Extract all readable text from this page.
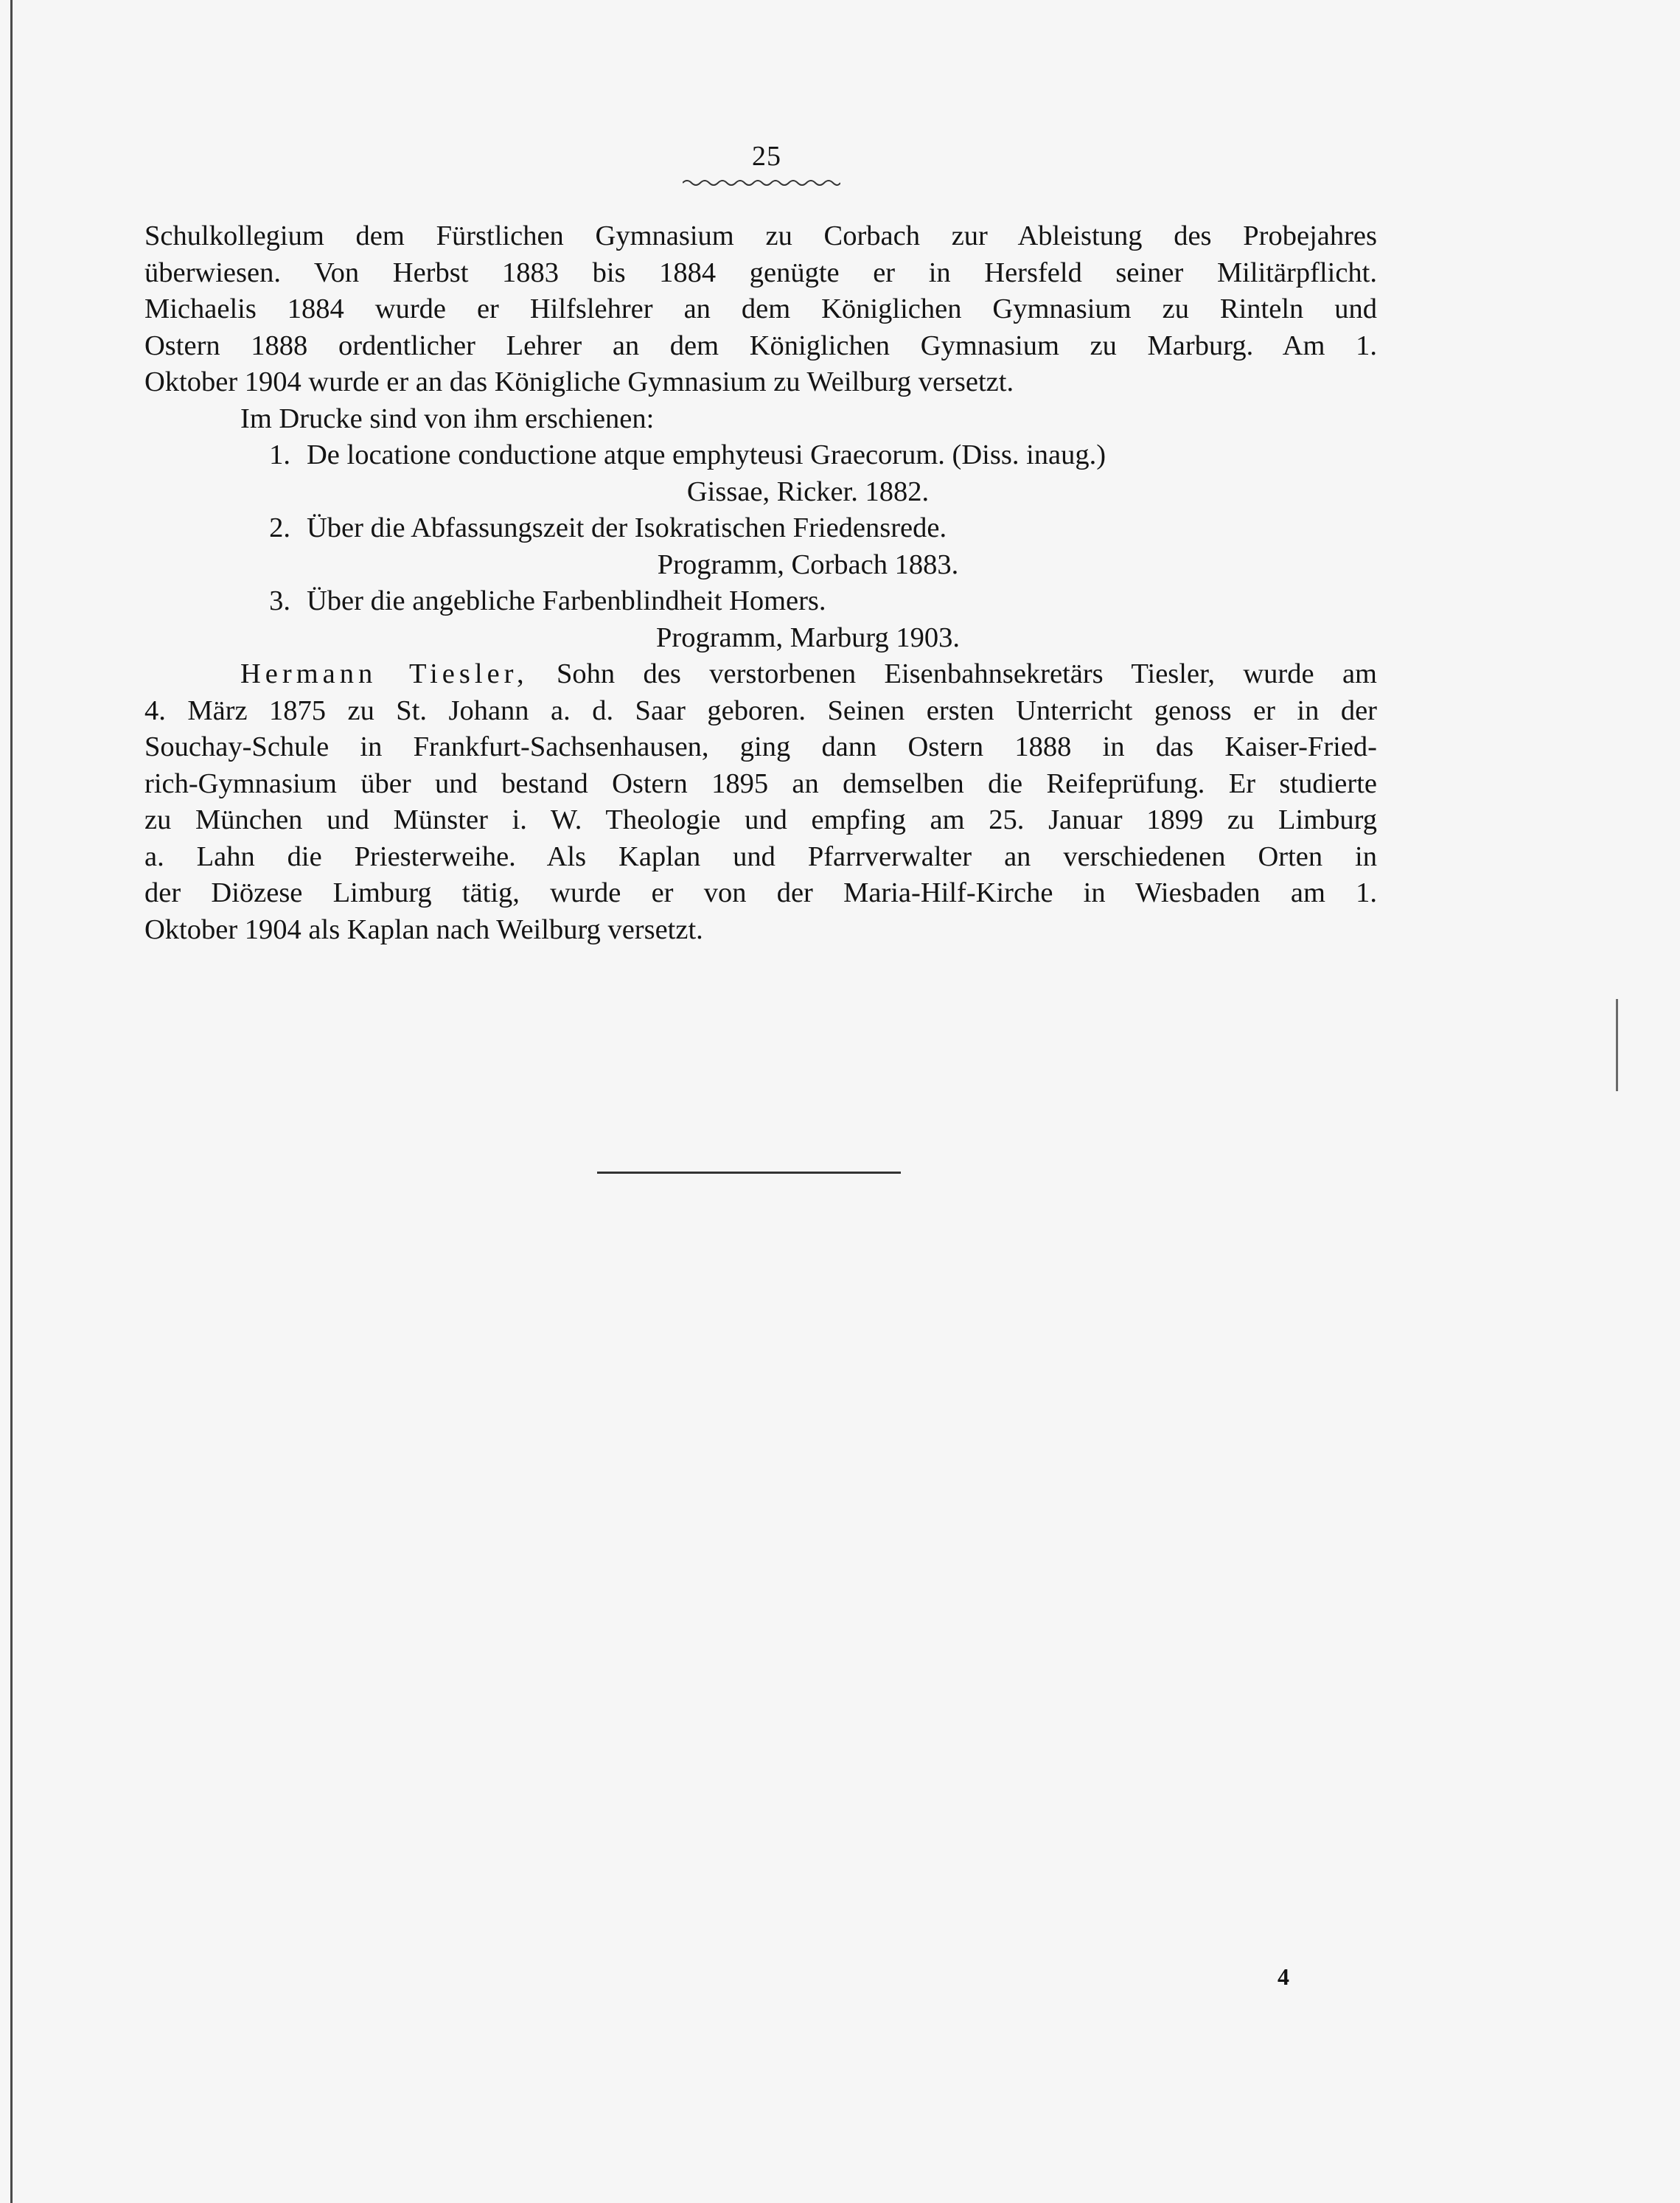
25
Schulkollegium dem Fürstlichen Gymnasium zu Corbach zur Ableistung des Probejahres
überwiesen. Von Herbst 1883 bis 1884 genügte er in Hersfeld seiner Militärpflicht.
Michaelis 1884 wurde er Hilfslehrer an dem Königlichen Gymnasium zu Rinteln und
Ostern 1888 ordentlicher Lehrer an dem Königlichen Gymnasium zu Marburg. Am 1.
Oktober 1904 wurde er an das Königliche Gymnasium zu Weilburg versetzt.
Im Drucke sind von ihm erschienen:
1. De locatione conductione atque emphyteusi Graecorum. (Diss. inaug.)
Gissae, Ricker. 1882.
2. Über die Abfassungszeit der Isokratischen Friedensrede.
Programm, Corbach 1883.
3. Über die angebliche Farbenblindheit Homers.
Programm, Marburg 1903.
Hermann Tiesler, Sohn des verstorbenen Eisenbahnsekretärs Tiesler, wurde am
4. März 1875 zu St. Johann a. d. Saar geboren. Seinen ersten Unterricht genoss er in der
Souchay-Schule in Frankfurt-Sachsenhausen, ging dann Ostern 1888 in das Kaiser-Fried-
rich-Gymnasium über und bestand Ostern 1895 an demselben die Reifeprüfung. Er studierte
zu München und Münster i. W. Theologie und empfing am 25. Januar 1899 zu Limburg
a. Lahn die Priesterweihe. Als Kaplan und Pfarrverwalter an verschiedenen Orten in
der Diözese Limburg tätig, wurde er von der Maria-Hilf-Kirche in Wiesbaden am 1.
Oktober 1904 als Kaplan nach Weilburg versetzt.
4
